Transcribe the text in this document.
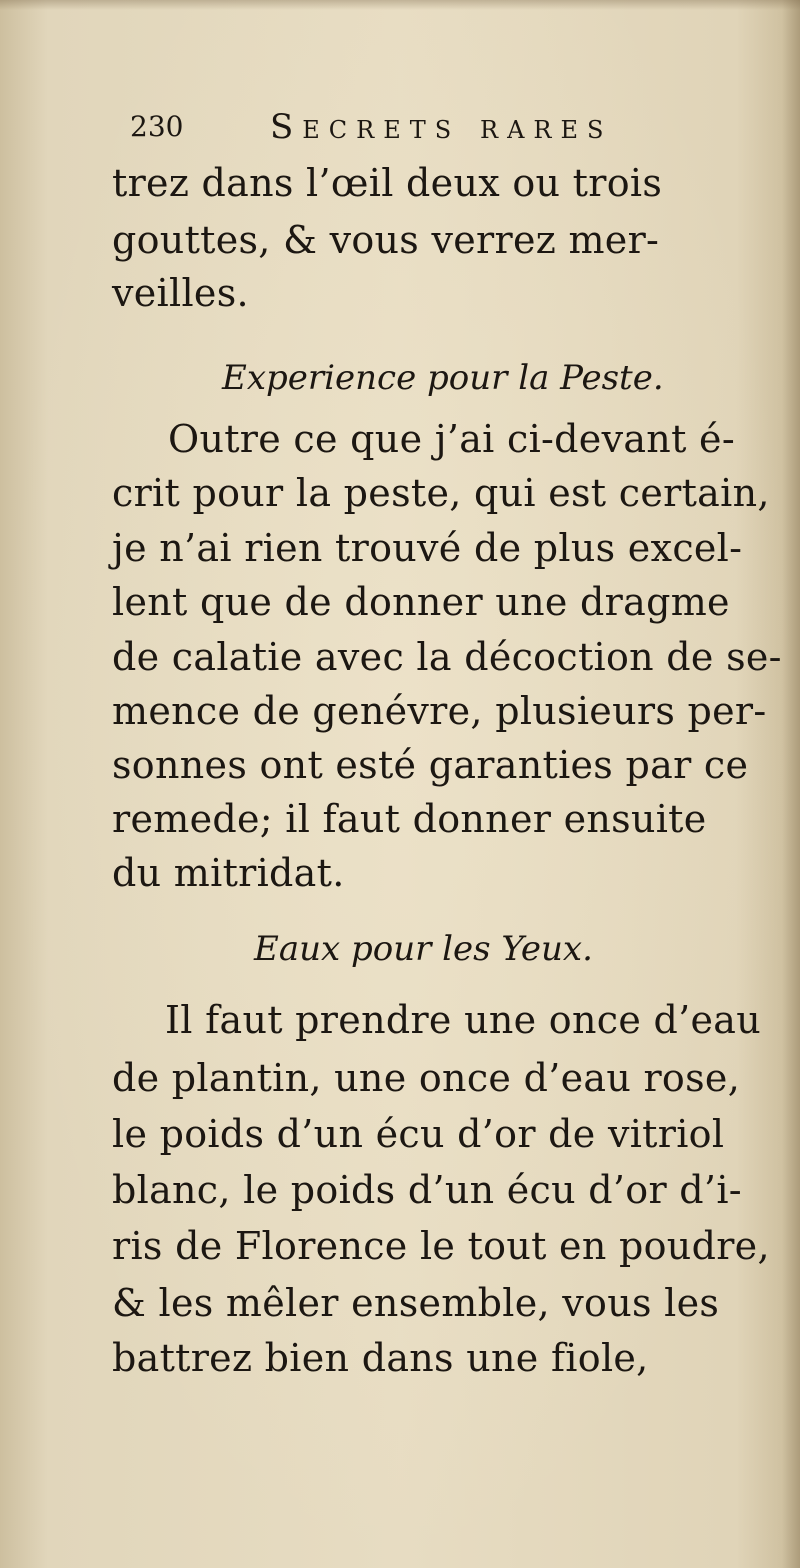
230	Secrets rares
trez dans l’œil deux ou trois
gouttes, & vous verrez mer-
veilles.
Experience pour la Peste.
Outre ce que j’ai ci-devant é-
crit pour la peste, qui est certain,
je n’ai rien trouvé de plus excel-
lent que de donner une dragme
de calatie avec la décoction de se-
mence de genévre, plusieurs per-
sonnes ont esté garanties par ce
remede; il faut donner ensuite
du mitridat.
Eaux pour les Yeux.
Il faut prendre une once d’eau
de plantin, une once d’eau rose,
le poids d’un écu d’or de vitriol
blanc, le poids d’un écu d’or d’i-
ris de Florence le tout en poudre,
& les mêler ensemble, vous les
battrez bien dans une fiole,
